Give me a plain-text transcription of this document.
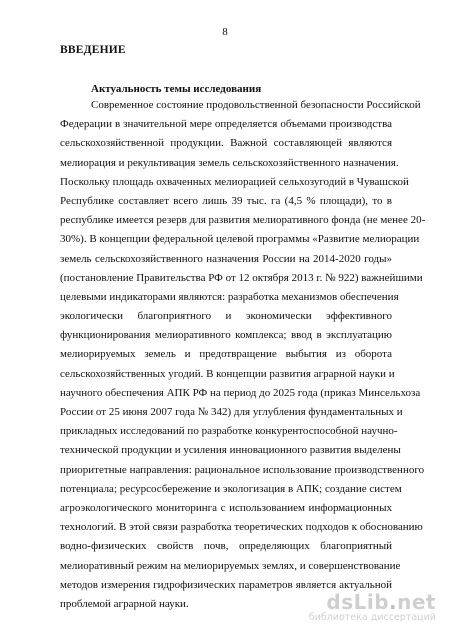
8
ВВЕДЕНИЕ
Актуальность темы исследования
Современное состояние продовольственной безопасности Российской
Федерации в значительной мере определяется объемами производства
сельскохозяйственной продукции. Важной составляющей являются
мелиорация и рекультивация земель сельскохозяйственного назначения.
Поскольку площадь охваченных мелиорацией сельхозугодий в Чувашской
Республике составляет всего лишь 39 тыс. га (4,5 % площади), то в
республике имеется резерв для развития мелиоративного фонда (не менее 20-
30%). В концепции федеральной целевой программы «Развитие мелиорации
земель сельскохозяйственного назначения России на 2014-2020 годы»
(постановление Правительства РФ от 12 октября 2013 г. № 922) важнейшими
целевыми индикаторами являются: разработка механизмов обеспечения
экологически благоприятного и экономически эффективного
функционирования мелиоративного комплекса; ввод в эксплуатацию
мелиорируемых земель и предотвращение выбытия из оборота
сельскохозяйственных угодий. В концепции развития аграрной науки и
научного обеспечения АПК РФ на период до 2025 года (приказ Минсельхоза
России от 25 июня 2007 года № 342) для углубления фундаментальных и
прикладных исследований по разработке конкурентоспособной научно-
технической продукции и усиления инновационного развития выделены
приоритетные направления: рациональное использование производственного
потенциала; ресурсосбережение и экологизация в АПК; создание систем
агроэкологического мониторинга с использованием информационных
технологий. В этой связи разработка теоретических подходов к обоснованию
водно-физических свойств почв, определяющих благоприятный
мелиоративный режим на мелиорируемых землях, и совершенствование
методов измерения гидрофизических параметров является актуальной
проблемой аграрной науки.	dsLib.net
библиотека диссертаций
